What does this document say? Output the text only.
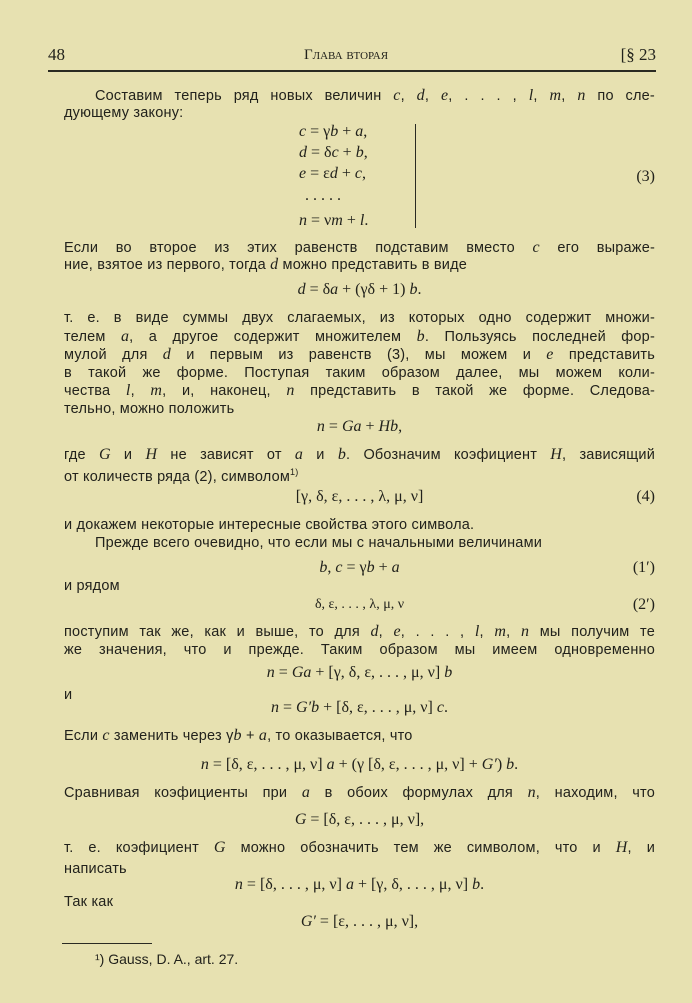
48	Глава вторая	[§ 23
Составим теперь ряд новых величин c, d, e, . . . , l, m, n по сле-
дующему закону:
c = γb + a,
d = δc + b,
e = εd + c,
. . . . .
n = νm + l.
(3)
Если во второе из этих равенств подставим вместо c его выраже-
ние, взятое из первого, тогда d можно представить в виде
d = δa + (γδ + 1) b.
т. е. в виде суммы двух слагаемых, из которых одно содержит множи-
телем a, а другое содержит множителем b. Пользуясь последней фор-
мулой для d и первым из равенств (3), мы можем и e представить
в такой же форме. Поступая таким образом далее, мы можем коли-
чества l, m, и, наконец, n представить в такой же форме. Следова-
тельно, можно положить
n = Ga + Hb,
где G и H не зависят от a и b. Обозначим коэфициент H, зависящий
от количеств ряда (2), символом$^{1)}$
[γ, δ, ε, . . . , λ, μ, ν]	(4)
и докажем некоторые интересные свойства этого символа.
Прежде всего очевидно, что если мы с начальными величинами
b, c = γb + a	(1′)
и рядом
δ, ε, . . . , λ, μ, ν	(2′)
поступим так же, как и выше, то для d, e, . . . , l, m, n мы получим те
же значения, что и прежде. Таким образом мы имеем одновременно
n = Ga + [γ, δ, ε, . . . , μ, ν] b
и
n = G′b + [δ, ε, . . . , μ, ν] c.
Если c заменить через γb + a, то оказывается, что
n = [δ, ε, . . . , μ, ν] a + (γ [δ, ε, . . . , μ, ν] + G′) b.
Сравнивая коэфициенты при a в обоих формулах для n, находим, что
G = [δ, ε, . . . , μ, ν],
т. е. коэфициент G можно обозначить тем же символом, что и H, и
написать
n = [δ, . . . , μ, ν] a + [γ, δ, . . . , μ, ν] b.
Так как
G′ = [ε, . . . , μ, ν],
¹) Gauss, D. A., art. 27.
